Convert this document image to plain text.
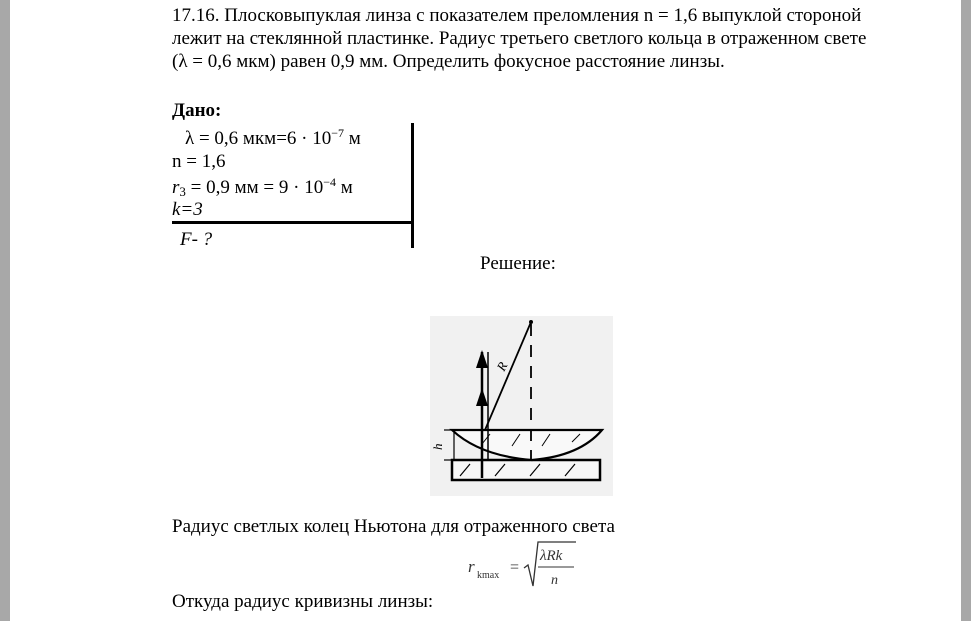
17.16. Плосковыпуклая линза с показателем преломления n = 1,6 выпуклой стороной лежит на стеклянной пластинке. Радиус третьего светлого кольца в отраженном свете (λ = 0,6 мкм) равен 0,9 мм. Определить фокусное расстояние линзы.
Дано:
λ = 0,6 $мкм=6 \cdot 10^{-7}$ м
n = 1,6
$r_3 = 0,9$ мм = $9 \cdot 10^{-4}$ м
k=3
F- ?
Решение:
h
R
Радиус светлых колец Ньютона для отраженного света
r kmax =
λRk
n
Откуда радиус кривизны линзы:
